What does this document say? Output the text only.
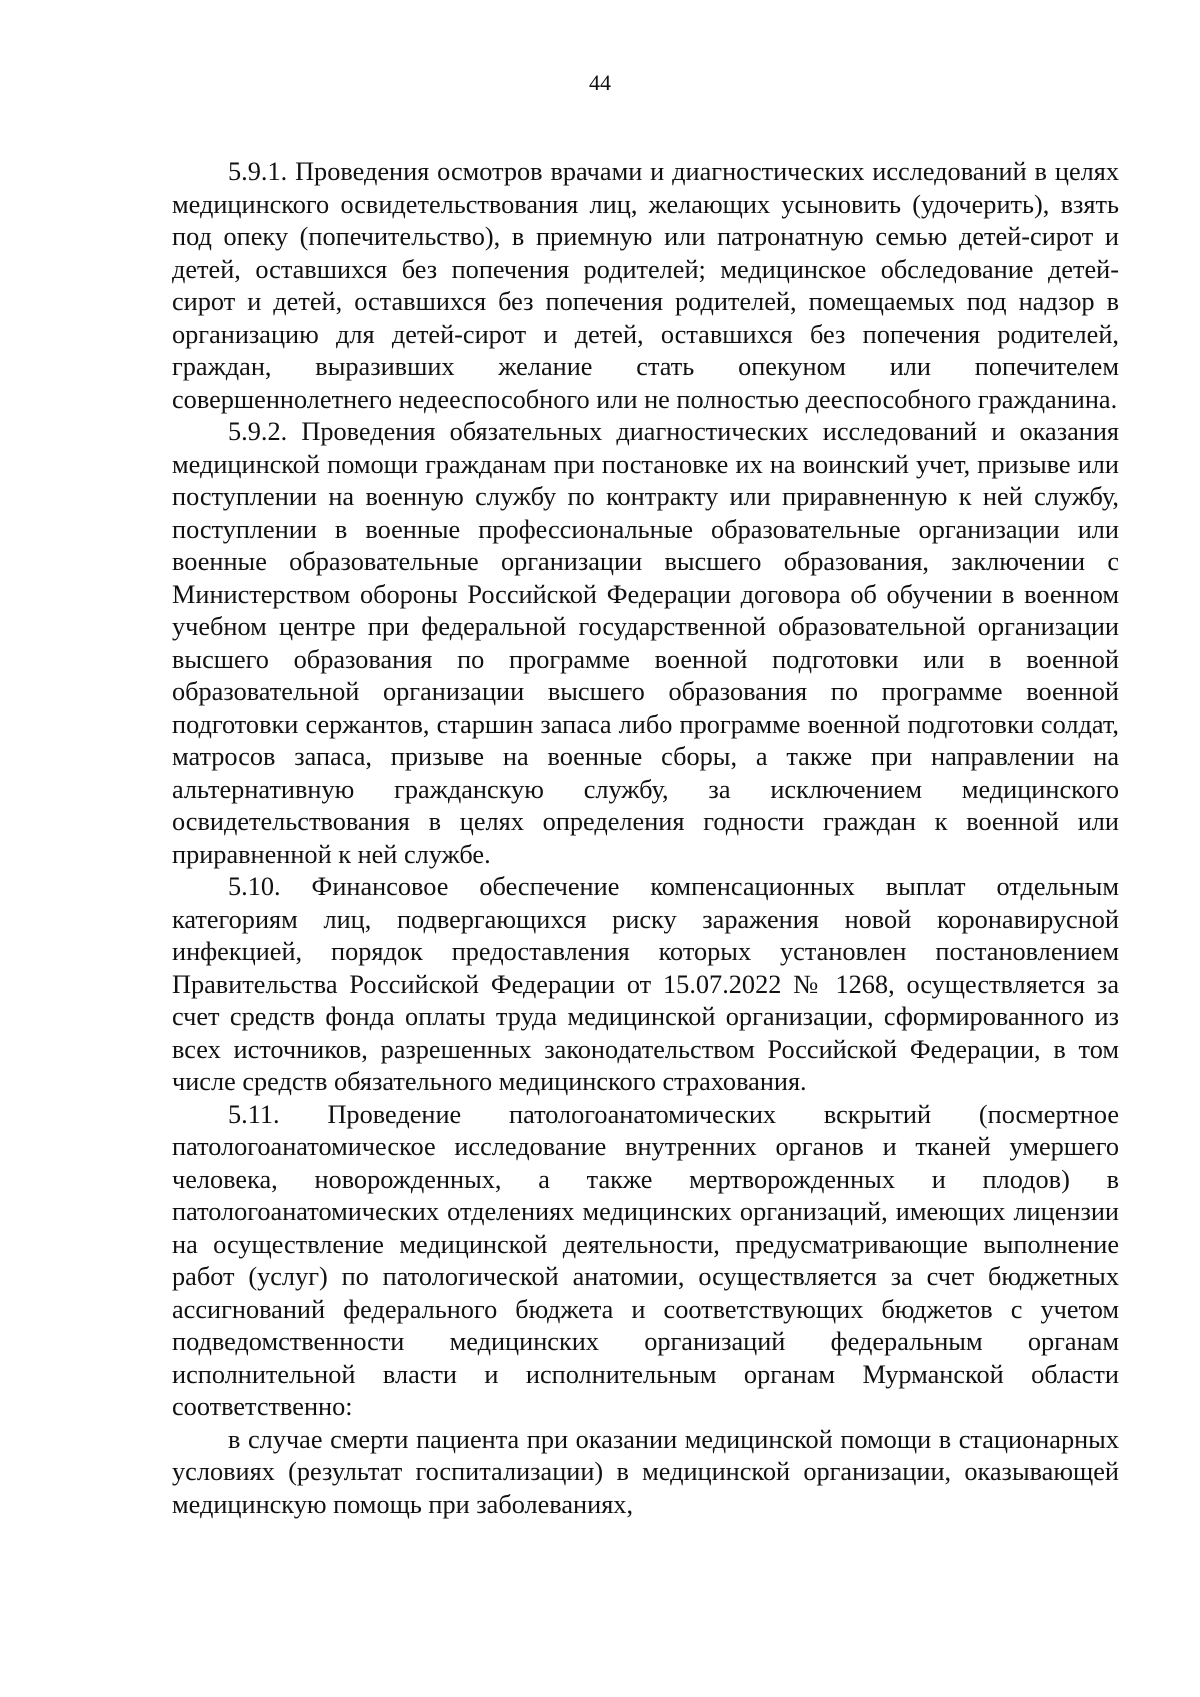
44

5.9.1. Проведения осмотров врачами и диагностических исследований в целях медицинского освидетельствования лиц, желающих усыновить (удочерить), взять под опеку (попечительство), в приемную или патронатную семью детей-сирот и детей, оставшихся без попечения родителей; медицинское обследование детей-сирот и детей, оставшихся без попечения родителей, помещаемых под надзор в организацию для детей-сирот и детей, оставшихся без попечения родителей, граждан, выразивших желание стать опекуном или попечителем совершеннолетнего недееспособного или не полностью дееспособного гражданина.

5.9.2. Проведения обязательных диагностических исследований и оказания медицинской помощи гражданам при постановке их на воинский учет, призыве или поступлении на военную службу по контракту или приравненную к ней службу, поступлении в военные профессиональные образовательные организации или военные образовательные организации высшего образования, заключении с Министерством обороны Российской Федерации договора об обучении в военном учебном центре при федеральной государственной образовательной организации высшего образования по программе военной подготовки или в военной образовательной организации высшего образования по программе военной подготовки сержантов, старшин запаса либо программе военной подготовки солдат, матросов запаса, призыве на военные сборы, а также при направлении на альтернативную гражданскую службу, за исключением медицинского освидетельствования в целях определения годности граждан к военной или приравненной к ней службе.

5.10. Финансовое обеспечение компенсационных выплат отдельным категориям лиц, подвергающихся риску заражения новой коронавирусной инфекцией, порядок предоставления которых установлен постановлением Правительства Российской Федерации от 15.07.2022 № 1268, осуществляется за счет средств фонда оплаты труда медицинской организации, сформированного из всех источников, разрешенных законодательством Российской Федерации, в том числе средств обязательного медицинского страхования.

5.11. Проведение патологоанатомических вскрытий (посмертное патологоанатомическое исследование внутренних органов и тканей умершего человека, новорожденных, а также мертворожденных и плодов) в патологоанатомических отделениях медицинских организаций, имеющих лицензии на осуществление медицинской деятельности, предусматривающие выполнение работ (услуг) по патологической анатомии, осуществляется за счет бюджетных ассигнований федерального бюджета и соответствующих бюджетов с учетом подведомственности медицинских организаций федеральным органам исполнительной власти и исполнительным органам Мурманской области соответственно:

в случае смерти пациента при оказании медицинской помощи в стационарных условиях (результат госпитализации) в медицинской организации, оказывающей медицинскую помощь при заболеваниях,
